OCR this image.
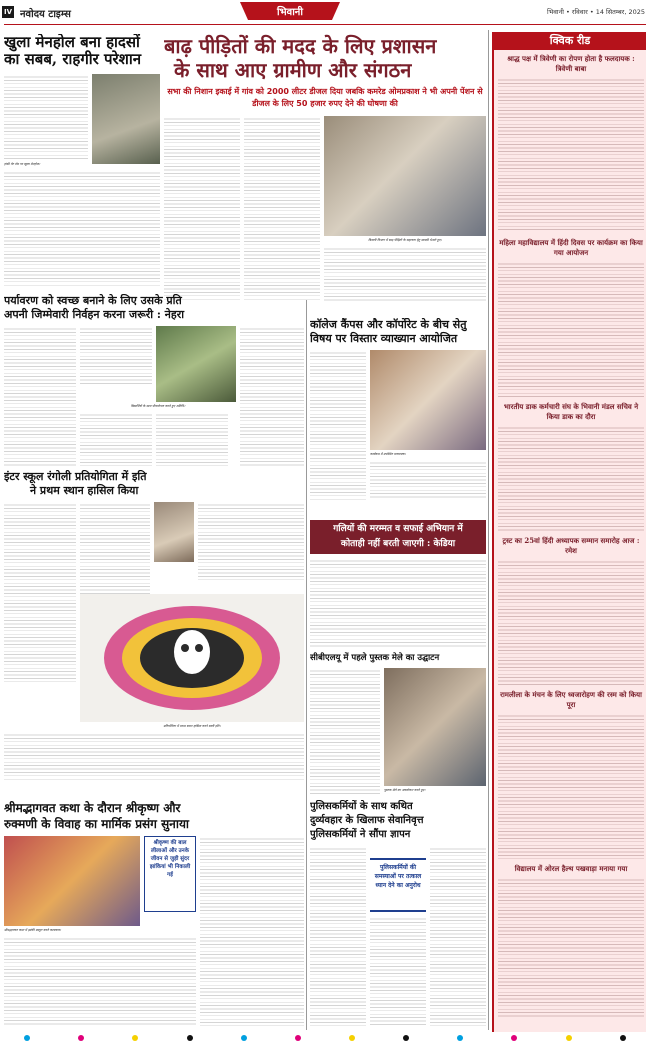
IV नवोदय टाइम्स	भिवानी	भिवानी • रविवार • 14 सितम्बर, 2025
खुला मेनहोल बना हादसों
का सबब, राहगीर परेशान
हांसी गेट रोड पर खुला मेनहोल।
बाढ़ पीड़ितों की मदद के लिए प्रशासन
के साथ आए ग्रामीण और संगठन
सभा की निशान इकाई में गांव को 2000 लीटर डीजल दिया जबकि कमरेड ओमप्रकाश ने भी अपनी पेंशन से डीजल के लिए 50 हजार रुपए देने की घोषणा की
बिजली विभाग में बाढ़ पीड़ितों के सहायता हेतु सामग्री भेजते हुए।
पर्यावरण को स्वच्छ बनाने के लिए उसके प्रति
अपनी जिम्मेवारी निर्वहन करना जरूरी : नेहरा
विद्यार्थियों के साथ पौधारोपण करते हुए अतिथि।
कॉलेज कैंपस और कॉर्पोरेट के बीच सेतु
विषय पर विस्तार व्याख्यान आयोजित
कार्यक्रम में उपस्थित प्राध्यापक।
इंटर स्कूल रंगोली प्रतियोगिता में इति
ने प्रथम स्थान हासिल किया
प्रतियोगिता में प्रथम स्थान हासिल करने वाली इति।
गलियों की मरम्मत व सफाई अभियान में
कोताही नहीं बरती जाएगी : केडिया
सीबीएलयू में पहले पुस्तक मेले का उद्घाटन
पुस्तक मेले का अवलोकन करते हुए।
श्रीमद्भागवत कथा के दौरान श्रीकृष्ण और
रुक्मणी के विवाह का मार्मिक प्रसंग सुनाया
श्रीमद्भागवत कथा में झांकी प्रस्तुत करते कलाकार।
श्रीकृष्ण की बाल लीलाओं और उनके जीवन से जुड़ी सुंदर झांकियां भी निकाली गई
पुलिसकर्मियों के साथ कथित
दुर्व्यवहार के खिलाफ सेवानिवृत्त
पुलिसकर्मियों ने सौंपा ज्ञापन
पुलिसकर्मियों की समस्याओं पर तत्काल ध्यान देने का अनुरोध
क्विक रीड
श्राद्ध पक्ष में त्रिवेणी का रोपण होता है फलदायक : त्रिवेणी बाबा
महिला महाविद्यालय में हिंदी दिवस पर कार्यक्रम का किया गया आयोजन
भारतीय डाक कर्मचारी संघ के भिवानी मंडल सचिव ने किया डाक का दौरा
ट्रस्ट का 25वां हिंदी अध्यापक सम्मान समारोह आज : रमेश
रामलीला के मंचन के लिए ध्वजारोहण की रस्म को किया पूरा
विद्यालय में ओरल हैल्थ पखवाड़ा मनाया गया
